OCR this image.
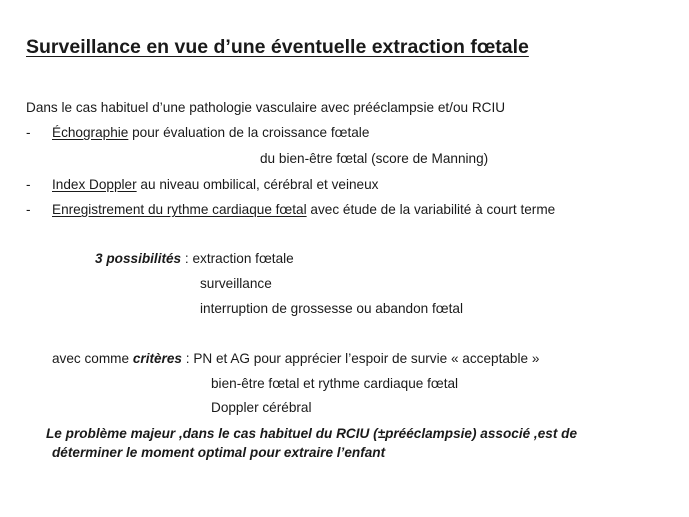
Surveillance en vue d’une éventuelle extraction fœtale
Dans le cas habituel d’une pathologie vasculaire avec prééclampsie et/ou RCIU
- Échographie pour évaluation de la croissance fœtale
du bien-être fœtal (score de Manning)
- Index Doppler au niveau ombilical, cérébral et veineux
- Enregistrement du rythme cardiaque fœtal avec étude de la variabilité à court terme
3 possibilités : extraction fœtale
surveillance
interruption de grossesse ou abandon fœtal
avec comme critères : PN et AG pour apprécier l’espoir de survie « acceptable »
bien-être fœtal et rythme cardiaque fœtal
Doppler cérébral
Le problème majeur ,dans le cas habituel du RCIU (±prééclampsie) associé ,est de
déterminer le moment optimal pour extraire l’enfant
